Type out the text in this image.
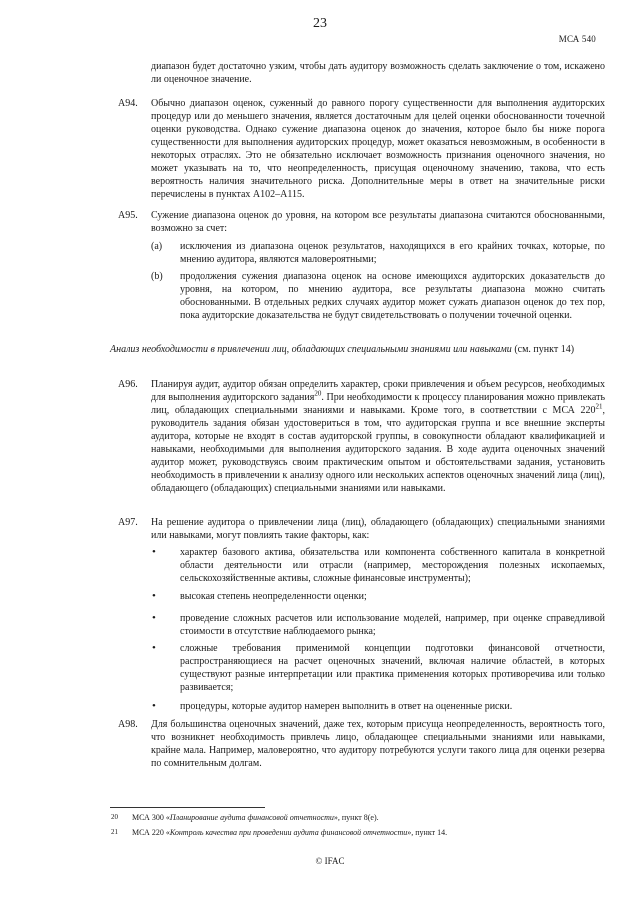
23
МСА 540
диапазон будет достаточно узким, чтобы дать аудитору возможность сделать заключение о том, искажено ли оценочное значение.
A94. Обычно диапазон оценок, суженный до равного порогу существенности для выполнения аудиторских процедур или до меньшего значения, является достаточным для целей оценки обоснованности точечной оценки руководства. Однако сужение диапазона оценок до значения, которое было бы ниже порога существенности для выполнения аудиторских процедур, может оказаться невозможным, в особенности в некоторых отраслях. Это не обязательно исключает возможность признания оценочного значения, но может указывать на то, что неопределенность, присущая оценочному значению, такова, что есть вероятность наличия значительного риска. Дополнительные меры в ответ на значительные риски перечислены в пунктах A102–A115.
A95. Сужение диапазона оценок до уровня, на котором все результаты диапазона считаются обоснованными, возможно за счет:
(a) исключения из диапазона оценок результатов, находящихся в его крайних точках, которые, по мнению аудитора, являются маловероятными;
(b) продолжения сужения диапазона оценок на основе имеющихся аудиторских доказательств до уровня, на котором, по мнению аудитора, все результаты диапазона можно считать обоснованными. В отдельных редких случаях аудитор может сужать диапазон оценок до тех пор, пока аудиторские доказательства не будут свидетельствовать о получении точечной оценки.
Анализ необходимости в привлечении лиц, обладающих специальными знаниями или навыками (см. пункт 14)
A96. Планируя аудит, аудитор обязан определить характер, сроки привлечения и объем ресурсов, необходимых для выполнения аудиторского задания$^{20}$. При необходимости к процессу планирования можно привлекать лиц, обладающих специальными знаниями и навыками. Кроме того, в соответствии с МСА $220^{21}$, руководитель задания обязан удостовериться в том, что аудиторская группа и все внешние эксперты аудитора, которые не входят в состав аудиторской группы, в совокупности обладают квалификацией и навыками, необходимыми для выполнения аудиторского задания. В ходе аудита оценочных значений аудитор может, руководствуясь своим практическим опытом и обстоятельствами задания, установить необходимость в привлечении к анализу одного или нескольких аспектов оценочных значений лица (лиц), обладающего (обладающих) специальными знаниями или навыками.
A97. На решение аудитора о привлечении лица (лиц), обладающего (обладающих) специальными знаниями или навыками, могут повлиять такие факторы, как:
• характер базового актива, обязательства или компонента собственного капитала в конкретной области деятельности или отрасли (например, месторождения полезных ископаемых, сельскохозяйственные активы, сложные финансовые инструменты);
• высокая степень неопределенности оценки;
• проведение сложных расчетов или использование моделей, например, при оценке справедливой стоимости в отсутствие наблюдаемого рынка;
• сложные требования применимой концепции подготовки финансовой отчетности, распространяющиеся на расчет оценочных значений, включая наличие областей, в которых существуют разные интерпретации или практика применения которых противоречива или только развивается;
• процедуры, которые аудитор намерен выполнить в ответ на оцененные риски.
A98. Для большинства оценочных значений, даже тех, которым присуща неопределенность, вероятность того, что возникнет необходимость привлечь лицо, обладающее специальными знаниями или навыками, крайне мала. Например, маловероятно, что аудитору потребуются услуги такого лица для оценки резерва по сомнительным долгам.
20 МСА 300 «Планирование аудита финансовой отчетности», пункт 8(е).
21 МСА 220 «Контроль качества при проведении аудита финансовой отчетности», пункт 14.
© IFAC
